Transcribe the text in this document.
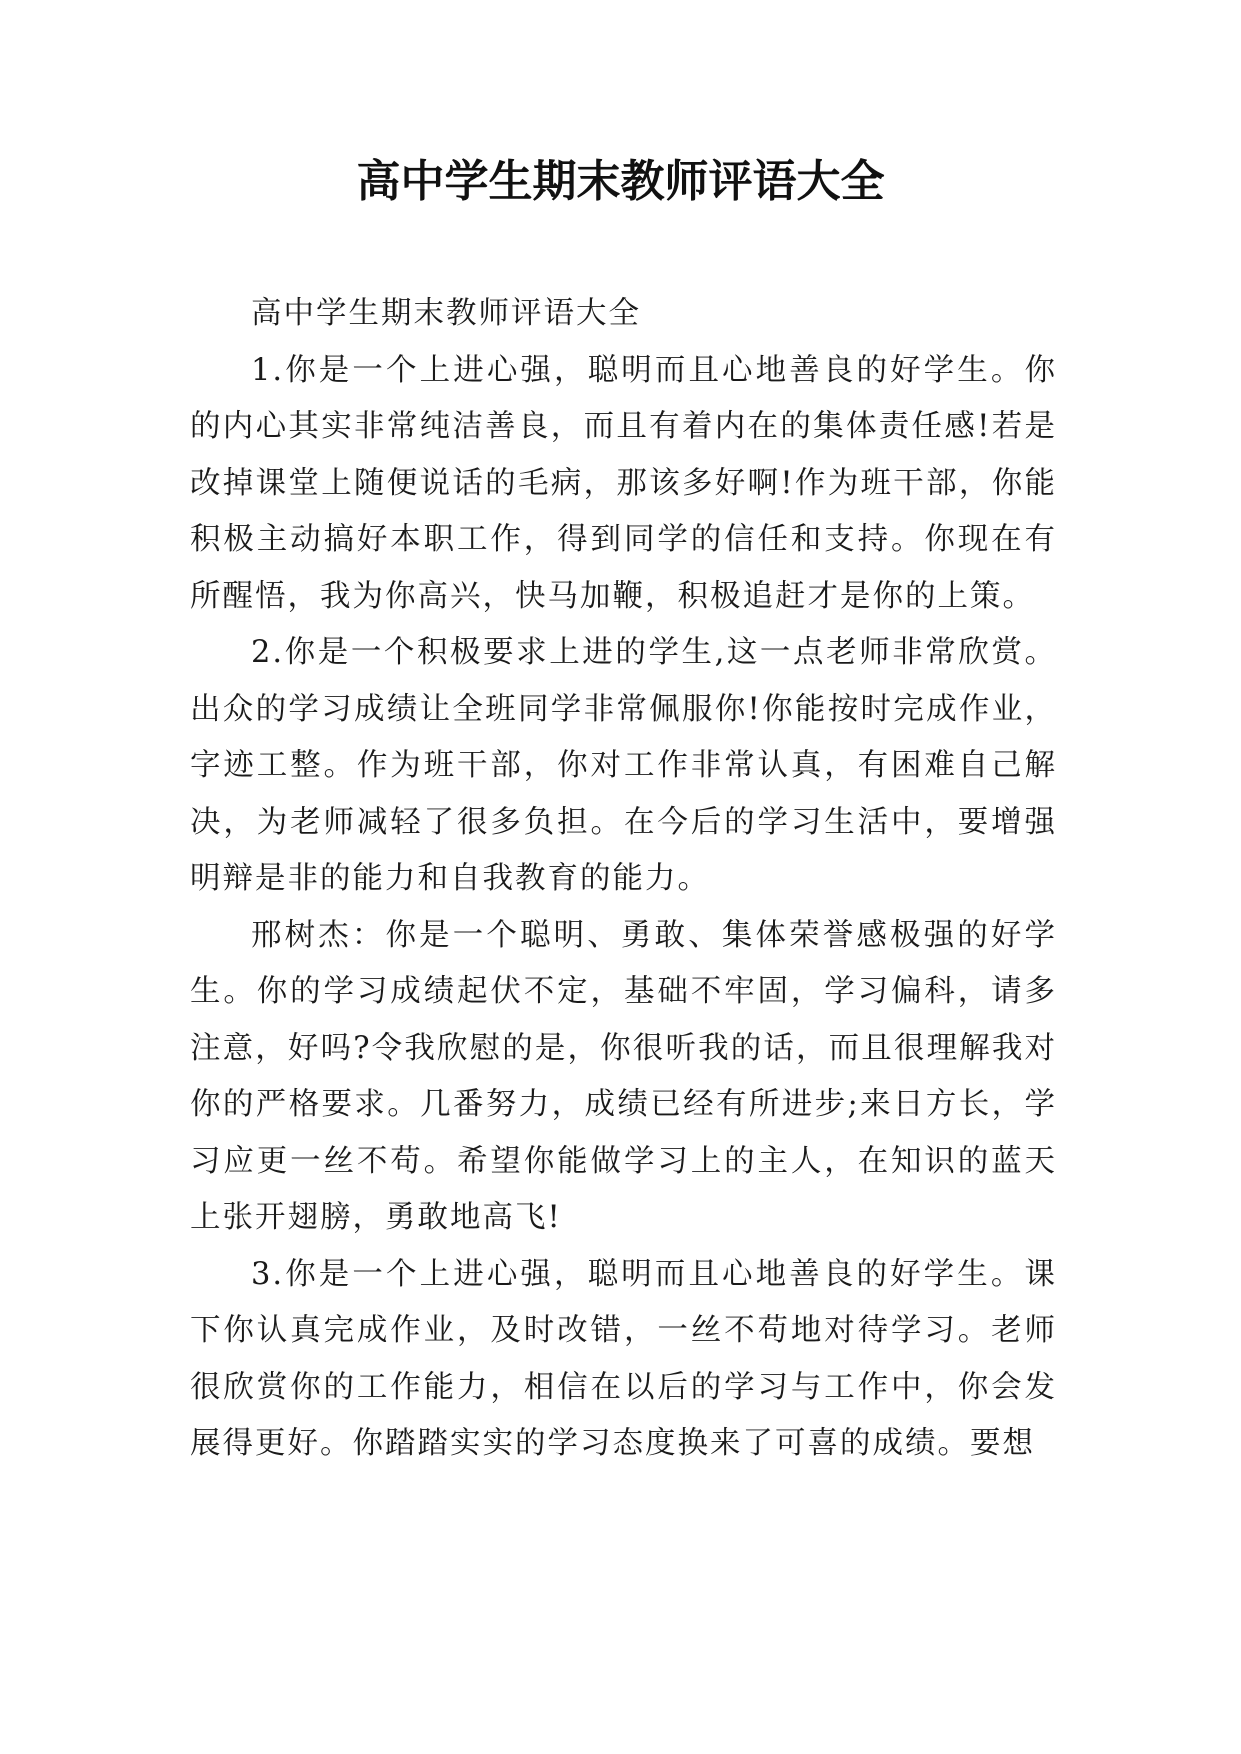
高中学生期末教师评语大全

高中学生期末教师评语大全

1.你是一个上进心强，聪明而且心地善良的好学生。你的内心其实非常纯洁善良，而且有着内在的集体责任感!若是改掉课堂上随便说话的毛病，那该多好啊!作为班干部，你能积极主动搞好本职工作，得到同学的信任和支持。你现在有所醒悟，我为你高兴，快马加鞭，积极追赶才是你的上策。

2.你是一个积极要求上进的学生,这一点老师非常欣赏。出众的学习成绩让全班同学非常佩服你!你能按时完成作业，字迹工整。作为班干部，你对工作非常认真，有困难自己解决，为老师减轻了很多负担。在今后的学习生活中，要增强明辩是非的能力和自我教育的能力。

邢树杰：你是一个聪明、勇敢、集体荣誉感极强的好学生。你的学习成绩起伏不定，基础不牢固，学习偏科，请多注意，好吗?令我欣慰的是，你很听我的话，而且很理解我对你的严格要求。几番努力，成绩已经有所进步;来日方长，学习应更一丝不苟。希望你能做学习上的主人，在知识的蓝天上张开翅膀，勇敢地高飞!

3.你是一个上进心强，聪明而且心地善良的好学生。课下你认真完成作业，及时改错，一丝不苟地对待学习。老师很欣赏你的工作能力，相信在以后的学习与工作中，你会发展得更好。你踏踏实实的学习态度换来了可喜的成绩。要想
